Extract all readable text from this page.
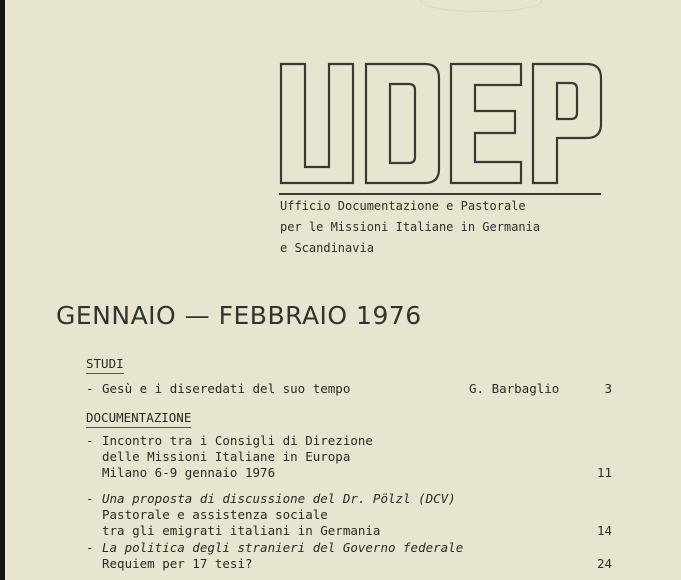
Ufficio Documentazione e Pastorale
per le Missioni Italiane in Germania
e Scandinavia
GENNAIO — FEBBRAIO 1976
STUDI
- Gesù e i diseredati del suo tempo	G. Barbaglio	3
DOCUMENTAZIONE
- Incontro tra i Consigli di Direzione
delle Missioni Italiane in Europa
Milano 6-9 gennaio 1976	11
- Una proposta di discussione del Dr. Pölzl (DCV)
Pastorale e assistenza sociale
tra gli emigrati italiani in Germania	14
- La politica degli stranieri del Governo federale
Requiem per 17 tesi?	24
